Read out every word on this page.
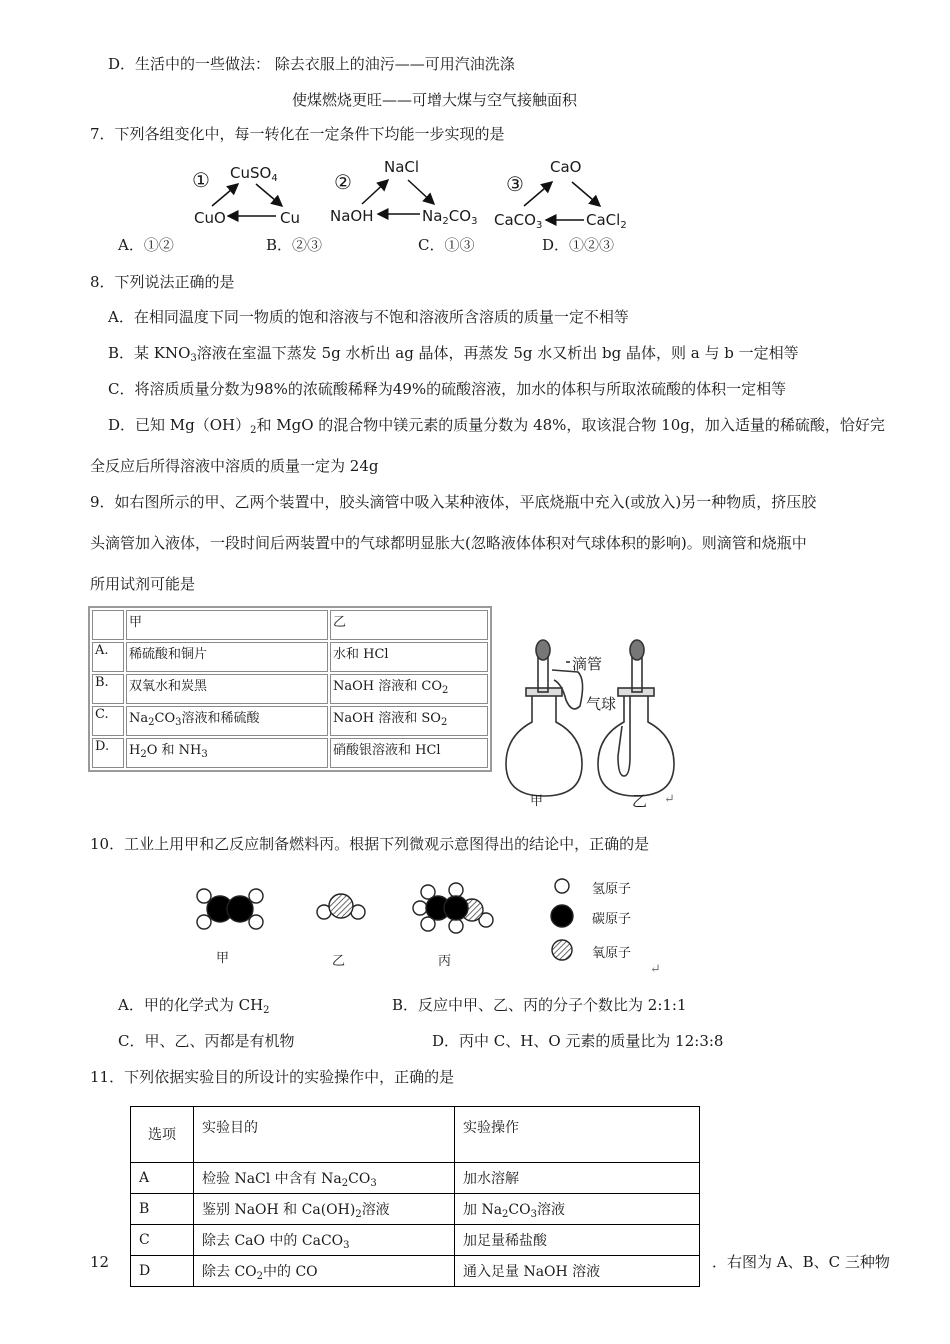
D．生活中的一些做法： 除去衣服上的油污——可用汽油洗涤
使煤燃烧更旺——可增大煤与空气接触面积
7．下列各组变化中，每一转化在一定条件下均能一步实现的是
① CuSO$_4$
CuO	Cu
②
NaCl
NaOH	$Na_2CO_3$
③
CaO
CaCO$_3$	CaCl$_2$
A．①②	B．②③	C．①③	D．①②③
8．下列说法正确的是
A．在相同温度下同一物质的饱和溶液与不饱和溶液所含溶质的质量一定不相等
B．某 $KNO_3$溶液在室温下蒸发 5g 水析出 ag 晶体，再蒸发 5g 水又析出 bg 晶体，则 a 与 b 一定相等
C．将溶质质量分数为98%的浓硫酸稀释为49%的硫酸溶液，加水的体积与所取浓硫酸的体积一定相等
D．已知 $Mg(OH)_2$和 MgO 的混合物中镁元素的质量分数为 48%，取该混合物 10g，加入适量的稀硫酸，恰好完
全反应后所得溶液中溶质的质量一定为 24g
9．如右图所示的甲、乙两个装置中，胶头滴管中吸入某种液体，平底烧瓶中充入(或放入)另一种物质，挤压胶
头滴管加入液体，一段时间后两装置中的气球都明显胀大(忽略液体体积对气球体积的影响)。则滴管和烧瓶中
所用试剂可能是
	甲	乙
A.	稀硫酸和铜片	水和 HCl
B.	双氧水和炭黑	NaOH 溶液和 $CO_2$
C.	$Na_2CO_3$溶液和稀硫酸	NaOH 溶液和 $SO_2$
D.	$H_2O$ 和 $NH_3$	硝酸银溶液和 HCl
滴管
气球
甲	乙 ↵
10．工业上用甲和乙反应制备燃料丙。根据下列微观示意图得出的结论中，正确的是
甲	乙	丙
氢原子
碳原子
氧原子
↵
A．甲的化学式为 $CH_2$	B．反应中甲、乙、丙的分子个数比为 2:1:1
C．甲、乙、丙都是有机物	D．丙中 C、H、O 元素的质量比为 12:3:8
11．下列依据实验目的所设计的实验操作中，正确的是
选项	实验目的	实验操作
A	检验 NaCl 中含有 $Na_2CO_3$	加水溶解
B	鉴别 NaOH 和 $Ca(OH)_2$溶液	加 $Na_2CO_3$溶液
C	除去 CaO 中的 CaCO$_3$	加足量稀盐酸
D	除去 $CO_2$中的 CO	通入足量 NaOH 溶液
12	．右图为 A、B、C 三种物
